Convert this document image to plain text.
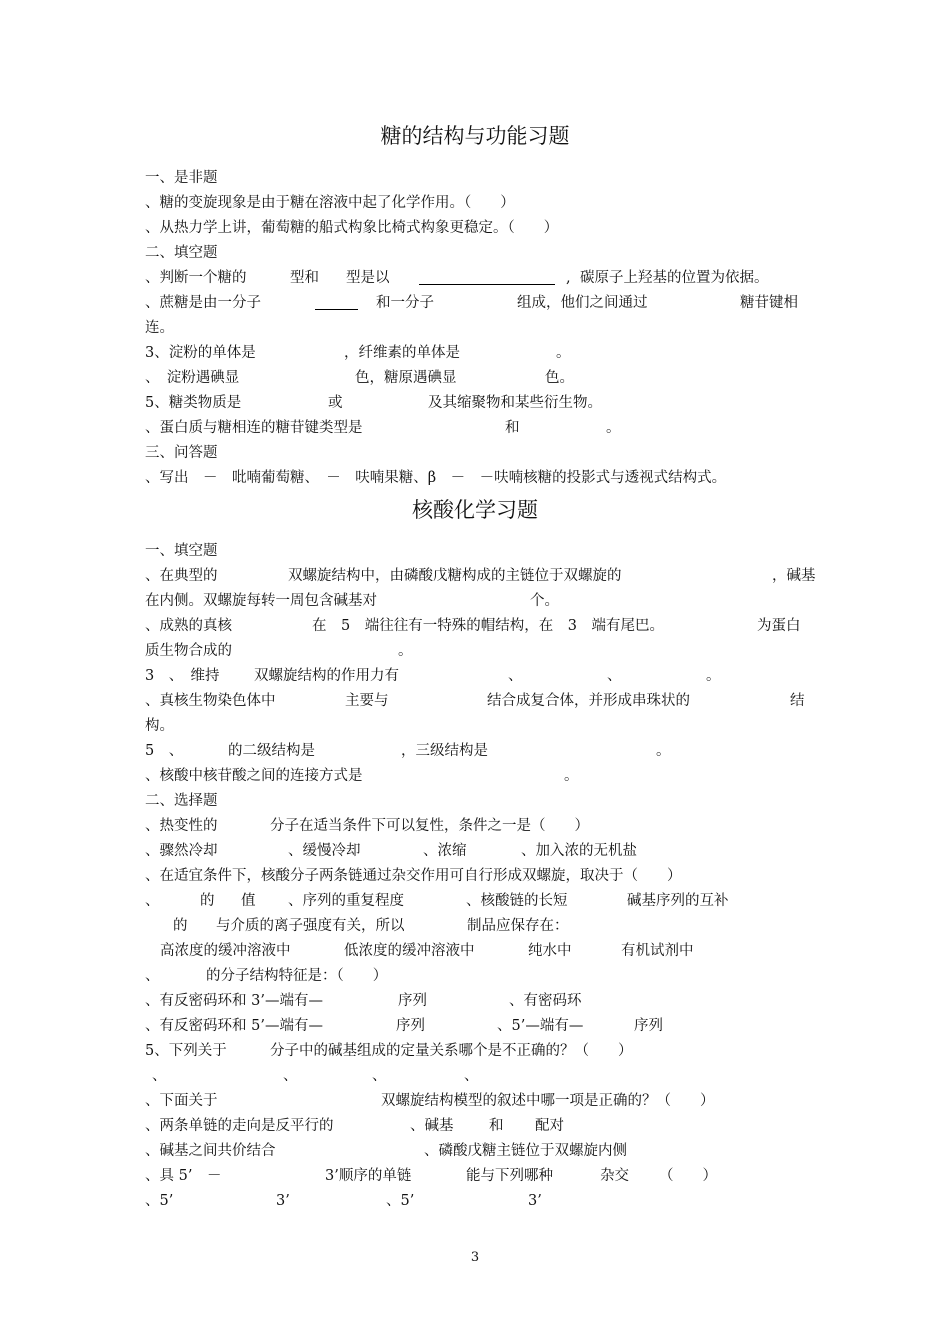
糖的结构与功能习题
核酸化学习题
一、是非题
、糖的变旋现象是由于糖在溶液中起了化学作用。（　　）
、从热力学上讲，葡萄糖的船式构象比椅式构象更稳定。（　　）
二、填空题
、判断一个糖的	型和 型是以	, 碳原子上羟基的位置为依据。
、蔗糖是由一分子	和一分子	组成，他们之间通过	糖苷键相
连。
3、淀粉的单体是	，纤维素的单体是	。
、　淀粉遇碘显	色，糖原遇碘显	色。
5、糖类物质是	或	及其缩聚物和某些衍生物。
、蛋白质与糖相连的糖苷键类型是	和	。
三、问答题
、写出　－　吡喃葡萄糖、　－　呋喃果糖、β　－　－呋喃核糖的投影式与透视式结构式。
一、填空题
、在典型的	双螺旋结构中，由磷酸戊糖构成的主链位于双螺旋的	，碱基
在内侧。双螺旋每转一周包含碱基对	个。
、成熟的真核	在　5　端往往有一特殊的帽结构，在　3　端有尾巴。	为蛋白
质生物合成的	。
3　、　维持 双螺旋结构的作用力有	、	、	。
、真核生物染色体中	主要与	结合成复合体，并形成串珠状的	结
构。
5　、	的二级结构是	，三级结构是	。
、核酸中核苷酸之间的连接方式是	。
二、选择题
、热变性的	分子在适当条件下可以复性，条件之一是（　　）
、骤然冷却	、缓慢冷却	、浓缩	、加入浓的无机盐
、在适宜条件下，核酸分子两条链通过杂交作用可自行形成双螺旋，取决于（　　）
、	的 值 、序列的重复程度	、核酸链的长短	碱基序列的互补
的 与介质的离子强度有关，所以	制品应保存在：
高浓度的缓冲溶液中	低浓度的缓冲溶液中	纯水中	有机试剂中
、	的分子结构特征是：（　　）
、有反密码环和 3’—端有—	序列	、有密码环
、有反密码环和 5’—端有—	序列	、5’—端有—	序列
5、下列关于	分子中的碱基组成的定量关系哪个是不正确的？（　　）
、	、	、	、
、下面关于	双螺旋结构模型的叙述中哪一项是正确的？（　　）
、两条单链的走向是反平行的	、碱基 和 配对
、碱基之间共价结合	、磷酸戊糖主链位于双螺旋内侧
、具 5’　－	3’顺序的单链	能与下列哪种	杂交 （　　）
、5’	3’	、5’	3’
3
